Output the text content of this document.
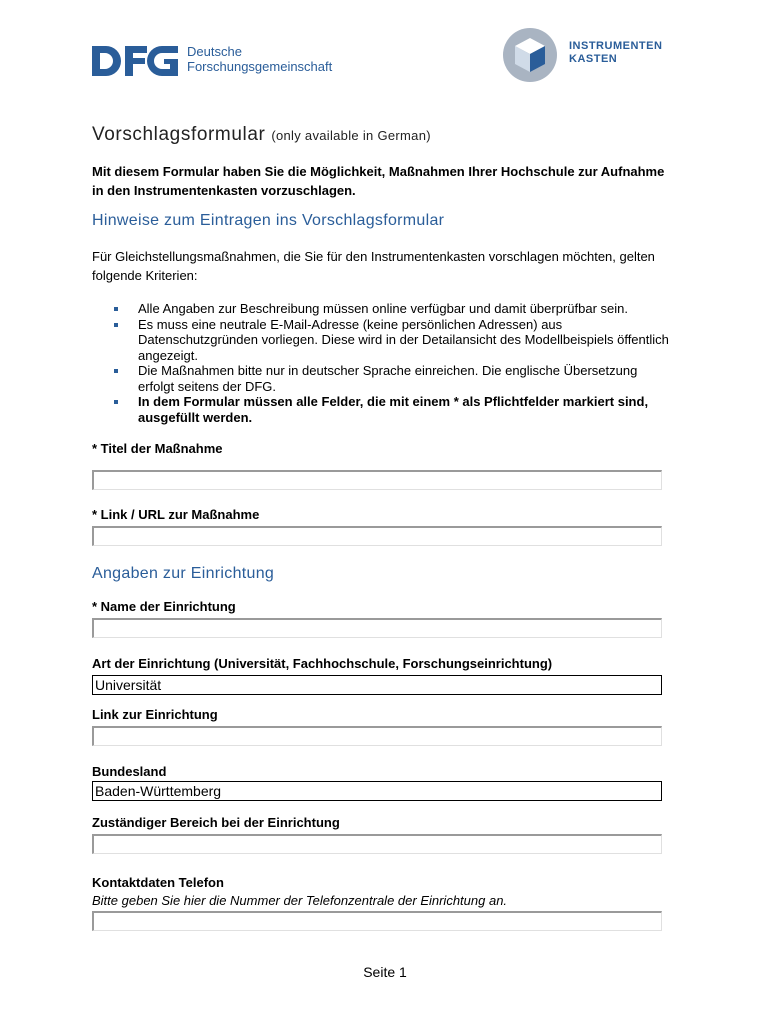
Deutsche
Forschungsgemeinschaft
INSTRUMENTEN
KASTEN
Vorschlagsformular (only available in German)
Mit diesem Formular haben Sie die Möglichkeit, Maßnahmen Ihrer Hochschule zur Aufnahme in den Instrumentenkasten vorzuschlagen.
Hinweise zum Eintragen ins Vorschlagsformular
Für Gleichstellungsmaßnahmen, die Sie für den Instrumentenkasten vorschlagen möchten, gelten folgende Kriterien:
Alle Angaben zur Beschreibung müssen online verfügbar und damit überprüfbar sein.
Es muss eine neutrale E-Mail-Adresse (keine persönlichen Adressen) aus Datenschutzgründen vorliegen. Diese wird in der Detailansicht des Modellbeispiels öffentlich angezeigt.
Die Maßnahmen bitte nur in deutscher Sprache einreichen. Die englische Übersetzung erfolgt seitens der DFG.
In dem Formular müssen alle Felder, die mit einem * als Pflichtfelder markiert sind, ausgefüllt werden.
* Titel der Maßnahme
* Link / URL zur Maßnahme
Angaben zur Einrichtung
* Name der Einrichtung
Art der Einrichtung (Universität, Fachhochschule, Forschungseinrichtung)
Universität
Link zur Einrichtung
Bundesland
Baden-Württemberg
Zuständiger Bereich bei der Einrichtung
Kontaktdaten Telefon
Bitte geben Sie hier die Nummer der Telefonzentrale der Einrichtung an.
Seite 1
